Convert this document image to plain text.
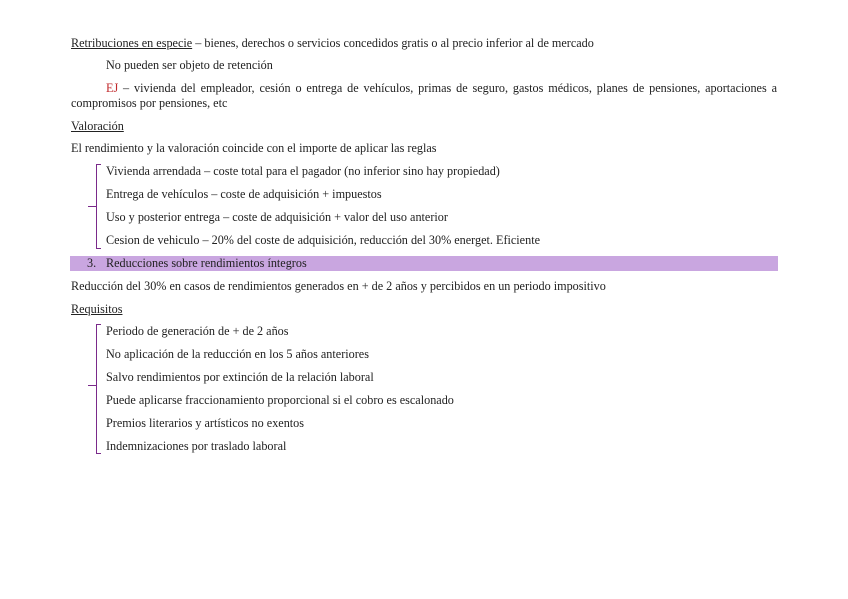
Retribuciones en especie – bienes, derechos o servicios concedidos gratis o al precio inferior al de mercado
No pueden ser objeto de retención
EJ – vivienda del empleador, cesión o entrega de vehículos, primas de seguro, gastos médicos, planes de pensiones, aportaciones a compromisos por pensiones, etc
Valoración
El rendimiento y la valoración coincide con el importe de aplicar las reglas
Vivienda arrendada – coste total para el pagador (no inferior sino hay propiedad)
Entrega de vehículos – coste de adquisición + impuestos
Uso y posterior entrega – coste de adquisición + valor del uso anterior
Cesion de vehiculo – 20% del coste de adquisición, reducción del 30% energet. Eficiente
3. Reducciones sobre rendimientos íntegros
Reducción del 30% en casos de rendimientos generados en + de 2 años y percibidos en un periodo impositivo
Requisitos
Periodo de generación de + de 2 años
No aplicación de la reducción en los 5 años anteriores
Salvo rendimientos por extinción de la relación laboral
Puede aplicarse fraccionamiento proporcional si el cobro es escalonado
Premios literarios y artísticos no exentos
Indemnizaciones por traslado laboral
